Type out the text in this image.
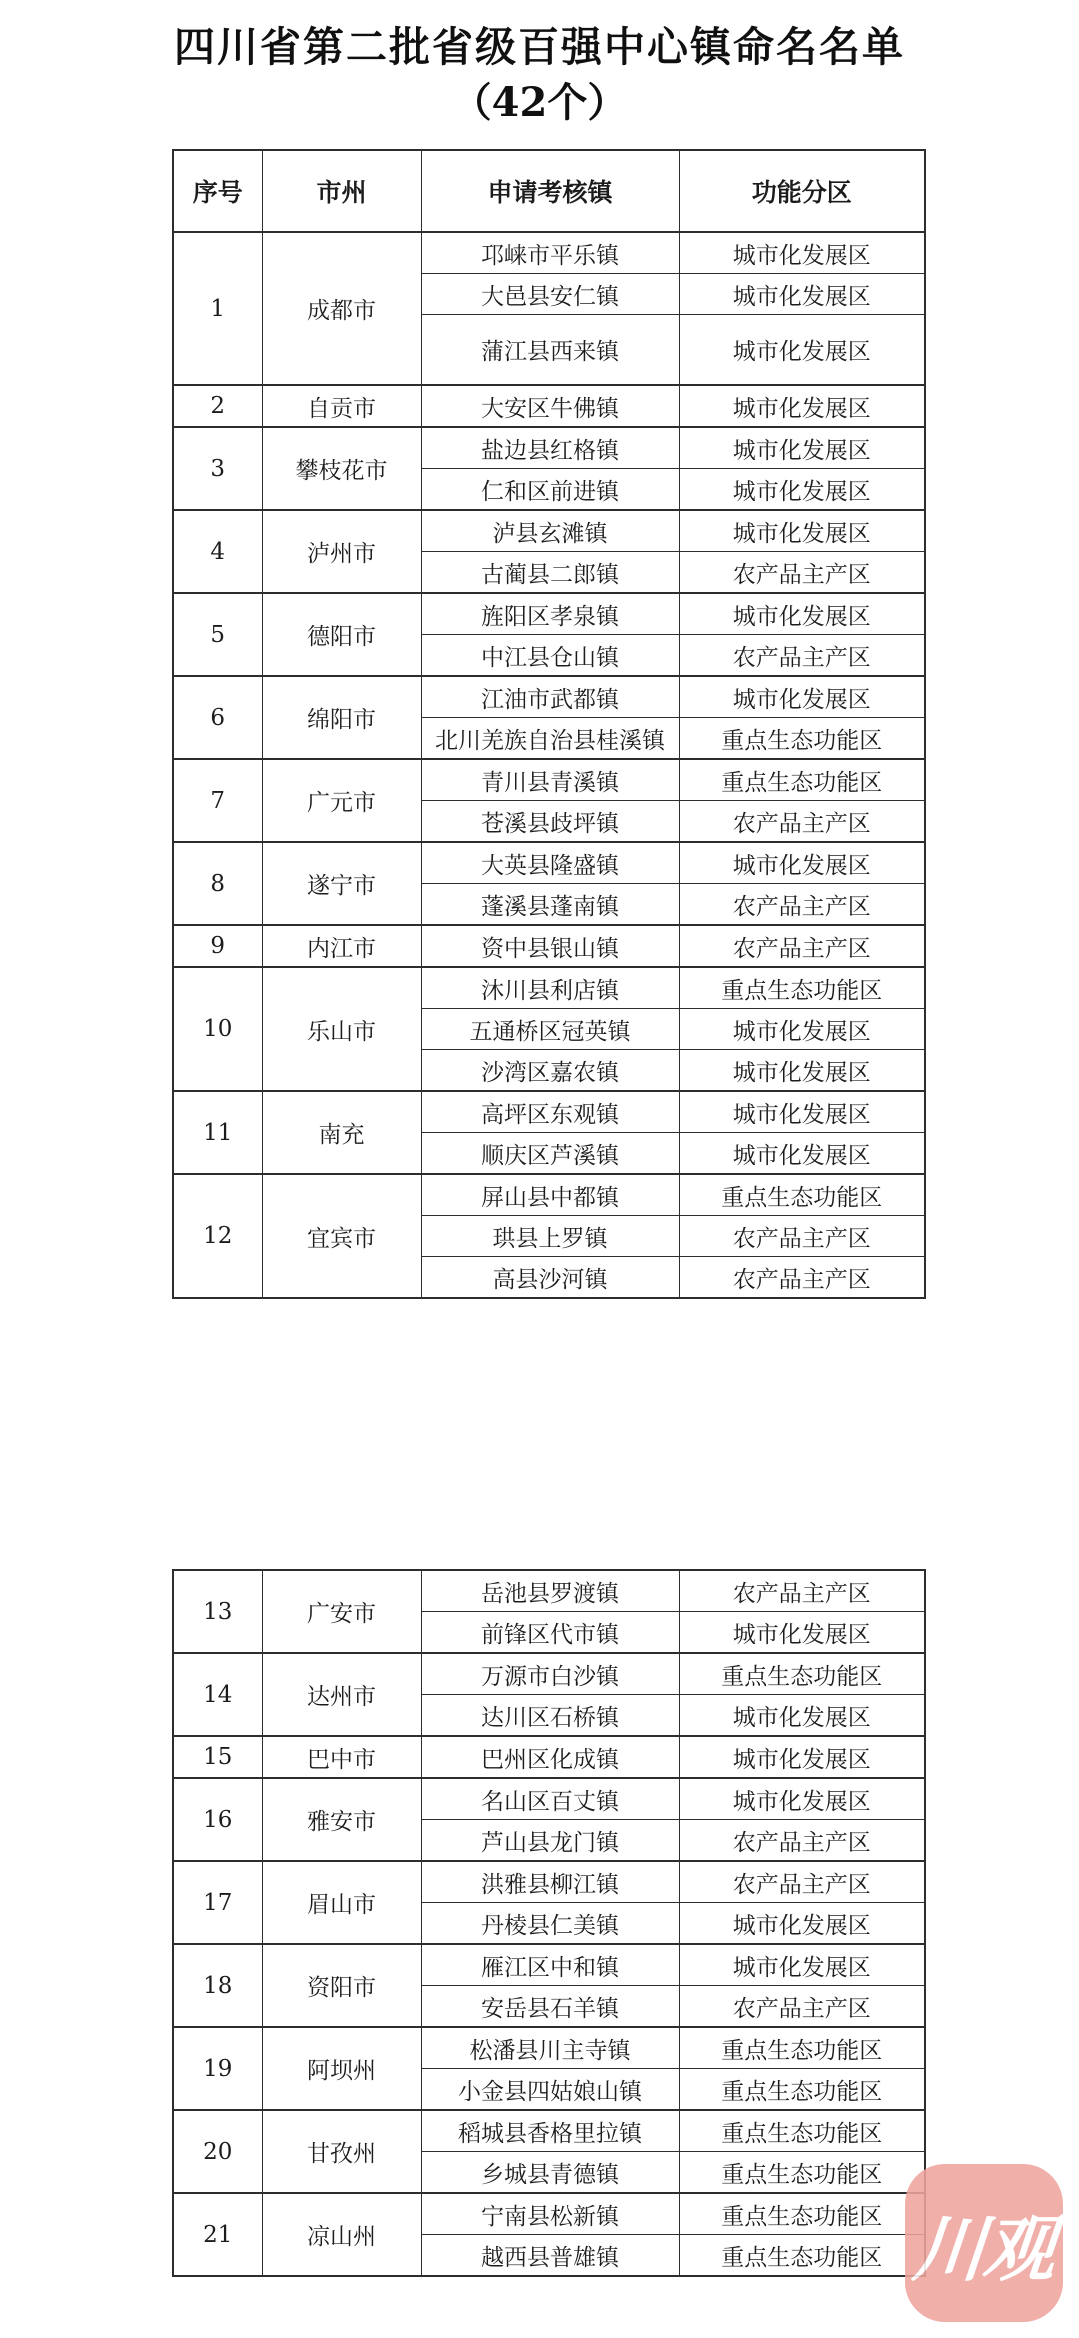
四川省第二批省级百强中心镇命名名单
（42个）
序号	市州	申请考核镇	功能分区
1	成都市	邛崃市平乐镇	城市化发展区
		大邑县安仁镇	城市化发展区
		蒲江县西来镇	城市化发展区
2	自贡市	大安区牛佛镇	城市化发展区
3	攀枝花市	盐边县红格镇	城市化发展区
		仁和区前进镇	城市化发展区
4	泸州市	泸县玄滩镇	城市化发展区
		古蔺县二郎镇	农产品主产区
5	德阳市	旌阳区孝泉镇	城市化发展区
		中江县仓山镇	农产品主产区
6	绵阳市	江油市武都镇	城市化发展区
		北川羌族自治县桂溪镇	重点生态功能区
7	广元市	青川县青溪镇	重点生态功能区
		苍溪县歧坪镇	农产品主产区
8	遂宁市	大英县隆盛镇	城市化发展区
		蓬溪县蓬南镇	农产品主产区
9	内江市	资中县银山镇	农产品主产区
10	乐山市	沐川县利店镇	重点生态功能区
		五通桥区冠英镇	城市化发展区
		沙湾区嘉农镇	城市化发展区
11	南充	高坪区东观镇	城市化发展区
		顺庆区芦溪镇	城市化发展区
12	宜宾市	屏山县中都镇	重点生态功能区
		珙县上罗镇	农产品主产区
		高县沙河镇	农产品主产区
13	广安市	岳池县罗渡镇	农产品主产区
		前锋区代市镇	城市化发展区
14	达州市	万源市白沙镇	重点生态功能区
		达川区石桥镇	城市化发展区
15	巴中市	巴州区化成镇	城市化发展区
16	雅安市	名山区百丈镇	城市化发展区
		芦山县龙门镇	农产品主产区
17	眉山市	洪雅县柳江镇	农产品主产区
		丹棱县仁美镇	城市化发展区
18	资阳市	雁江区中和镇	城市化发展区
		安岳县石羊镇	农产品主产区
19	阿坝州	松潘县川主寺镇	重点生态功能区
		小金县四姑娘山镇	重点生态功能区
20	甘孜州	稻城县香格里拉镇	重点生态功能区
		乡城县青德镇	重点生态功能区
21	凉山州	宁南县松新镇	重点生态功能区
		越西县普雄镇	重点生态功能区 川观
